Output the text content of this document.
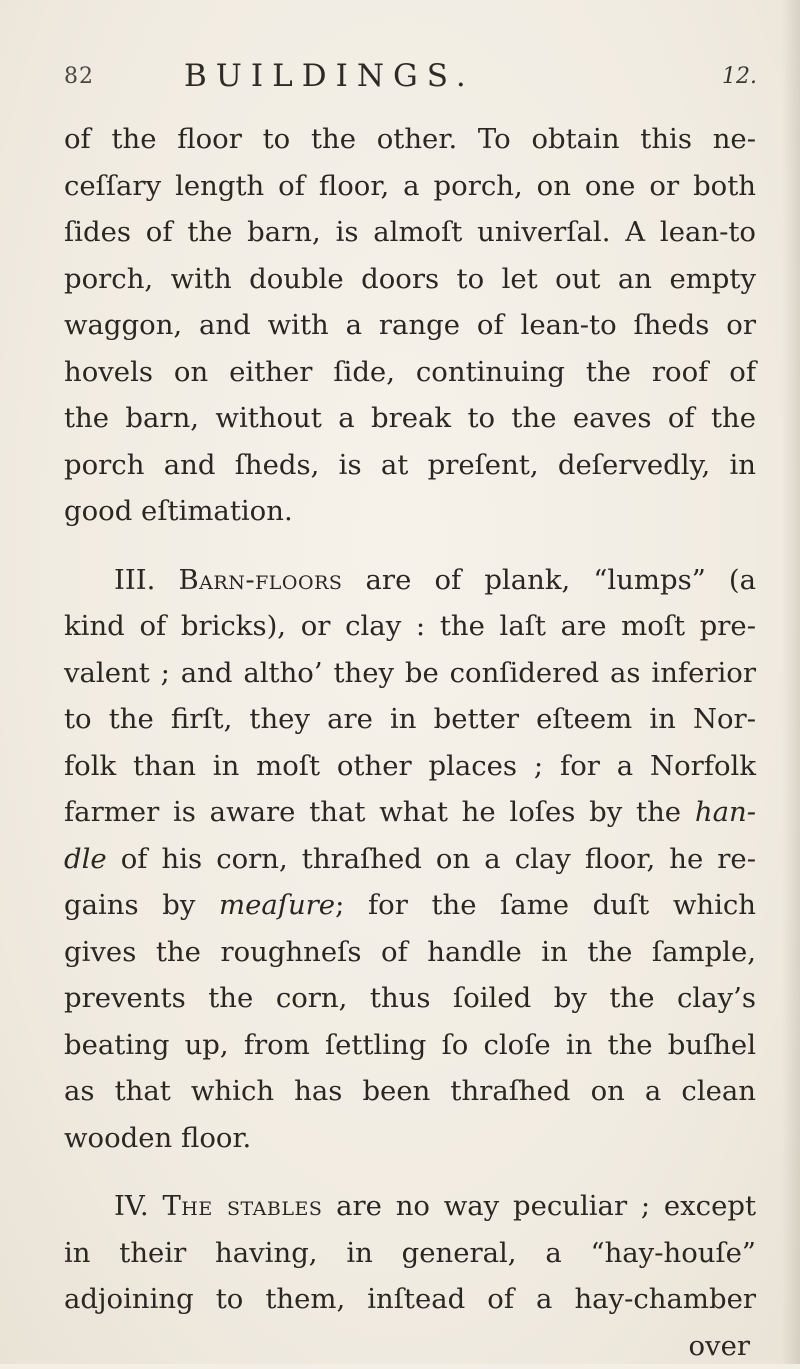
82	BUILDINGS.	12.
of the floor to the other. To obtain this ne-
ceſſary length of floor, a porch, on one or both
ſides of the barn, is almoſt univerſal. A lean-to
porch, with double doors to let out an empty
waggon, and with a range of lean-to ſheds or
hovels on either ſide, continuing the roof of
the barn, without a break to the eaves of the
porch and ſheds, is at preſent, deſervedly, in
good eſtimation.
III. Barn-floors are of plank, “lumps” (a
kind of bricks), or clay : the laſt are moſt pre-
valent ; and altho’ they be conſidered as inferior
to the firſt, they are in better eſteem in Nor-
folk than in moſt other places ; for a Norfolk
farmer is aware that what he loſes by the han-
dle of his corn, thraſhed on a clay floor, he re-
gains by meaſure; for the ſame duſt which
gives the roughneſs of handle in the ſample,
prevents the corn, thus ſoiled by the clay’s
beating up, from ſettling ſo cloſe in the buſhel
as that which has been thraſhed on a clean
wooden floor.
IV. The stables are no way peculiar ; except
in their having, in general, a “hay-houſe”
adjoining to them, inſtead of a hay-chamber
over
